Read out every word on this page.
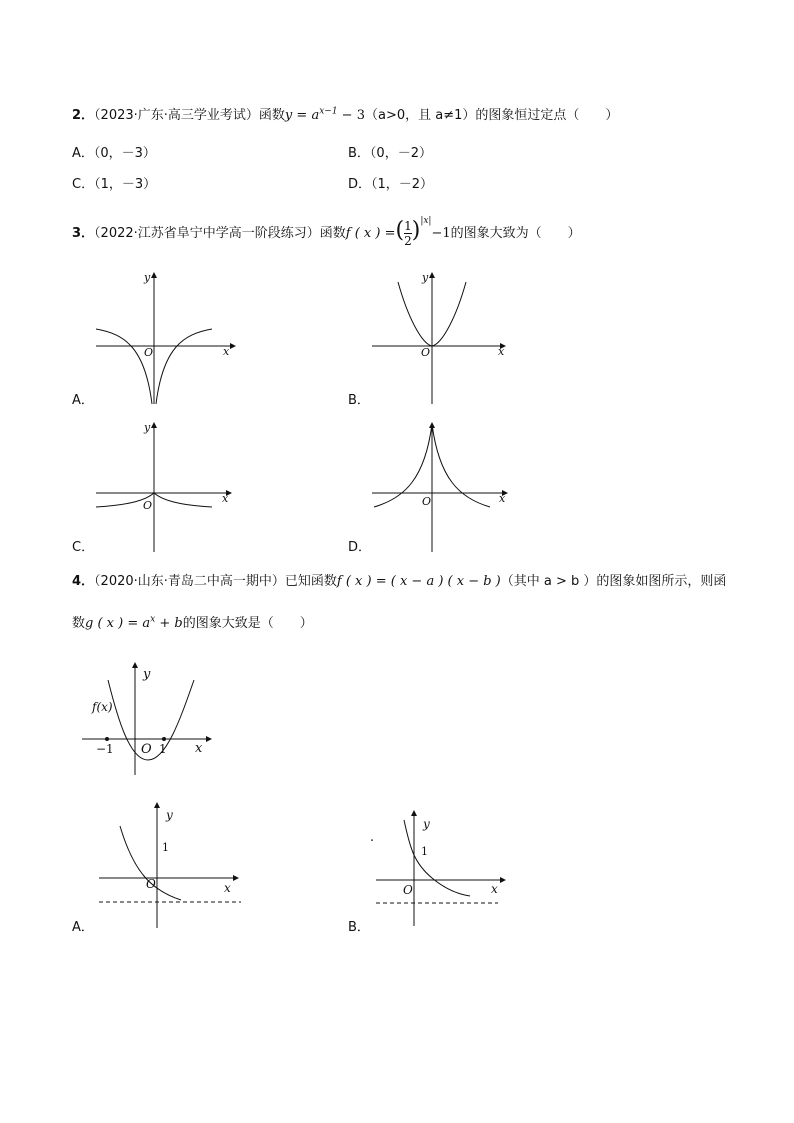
2．（2023·广东·高三学业考试）函数$y = a^{x-1} - 3(a>0$，且 a≠1）的图象恒过定点（　　）
A．（0，－3）	B．（0，－2）
C．（1，－3）	D．（1，－2）
3．（2022·江苏省阜宁中学高一阶段练习）函数f ( x ) =( $\frac{1}{2} )^{|x|}-1$的图象大致为（　　）
y
x
O
A．
y
x
O
B．
y
x
O
C．
x
O
D．
4．（2020·山东·青岛二中高一期中）已知函数f ( x ) = ( x − a ) ( x − b )（其中 a > b ）的图象如图所示，则函
数g ( x ) = $a^x + b$的图象大致是（　　）
y
x
O
f(x)
−1	1
y
x
O
1
A．
y
x
O
1
.
B．
